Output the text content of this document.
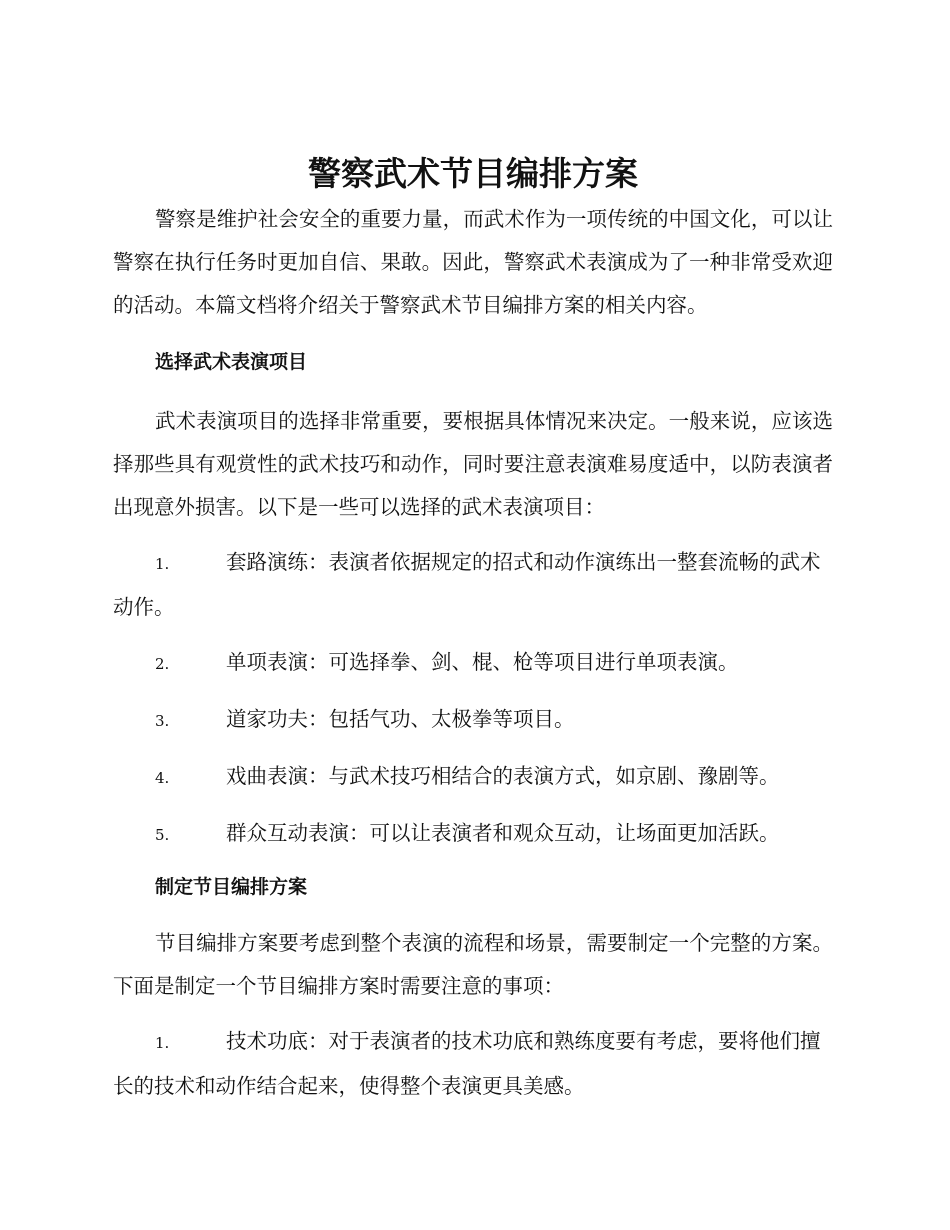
警察武术节目编排方案

警察是维护社会安全的重要力量，而武术作为一项传统的中国文化，可以让警察在执行任务时更加自信、果敢。因此，警察武术表演成为了一种非常受欢迎的活动。本篇文档将介绍关于警察武术节目编排方案的相关内容。

选择武术表演项目

武术表演项目的选择非常重要，要根据具体情况来决定。一般来说，应该选择那些具有观赏性的武术技巧和动作，同时要注意表演难易度适中，以防表演者出现意外损害。以下是一些可以选择的武术表演项目：

1.	套路演练：表演者依据规定的招式和动作演练出一整套流畅的武术动作。
2.	单项表演：可选择拳、剑、棍、枪等项目进行单项表演。
3.	道家功夫：包括气功、太极拳等项目。
4.	戏曲表演：与武术技巧相结合的表演方式，如京剧、豫剧等。
5.	群众互动表演：可以让表演者和观众互动，让场面更加活跃。
制定节目编排方案

节目编排方案要考虑到整个表演的流程和场景，需要制定一个完整的方案。下面是制定一个节目编排方案时需要注意的事项：

1.	技术功底：对于表演者的技术功底和熟练度要有考虑，要将他们擅长的技术和动作结合起来，使得整个表演更具美感。
